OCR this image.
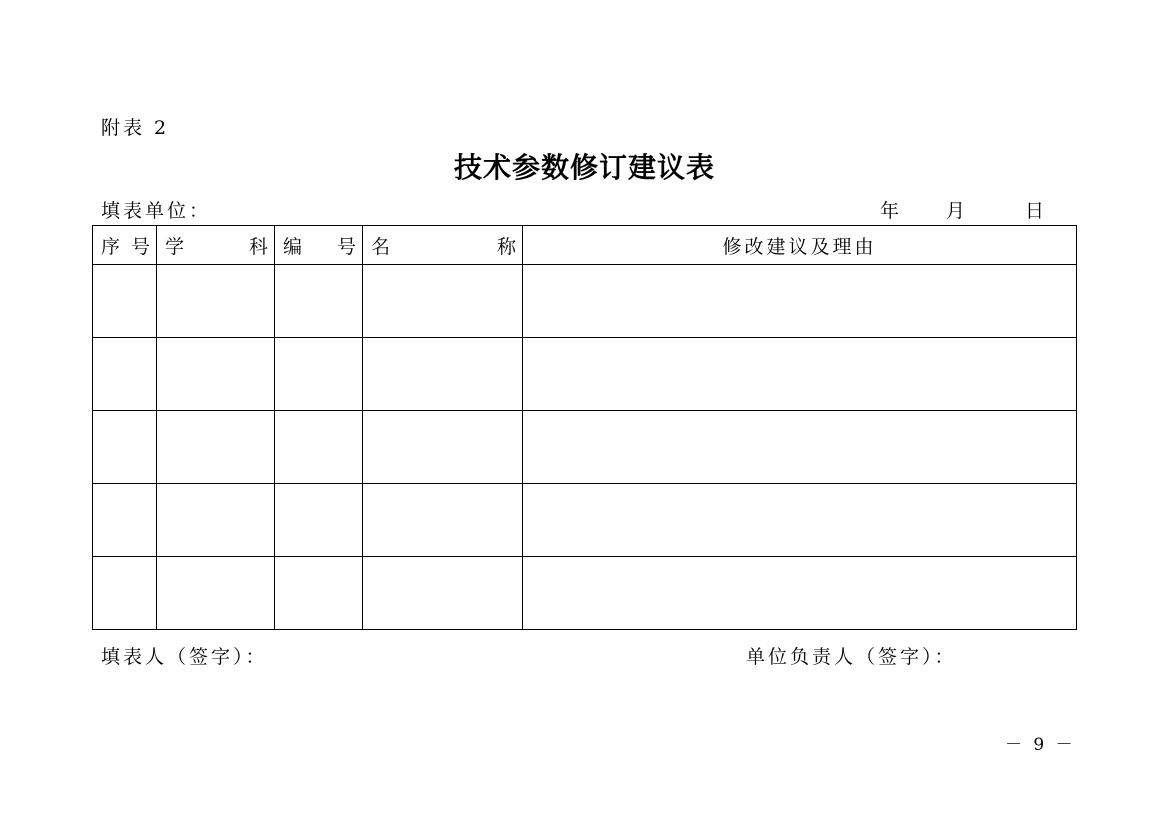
附表 2
技术参数修订建议表
填表单位：	年 月	日
序 号	学 科	编 号	名 称	修改建议及理由

填表人（签字）：	单位负责人（签字）：
－ 9 －
